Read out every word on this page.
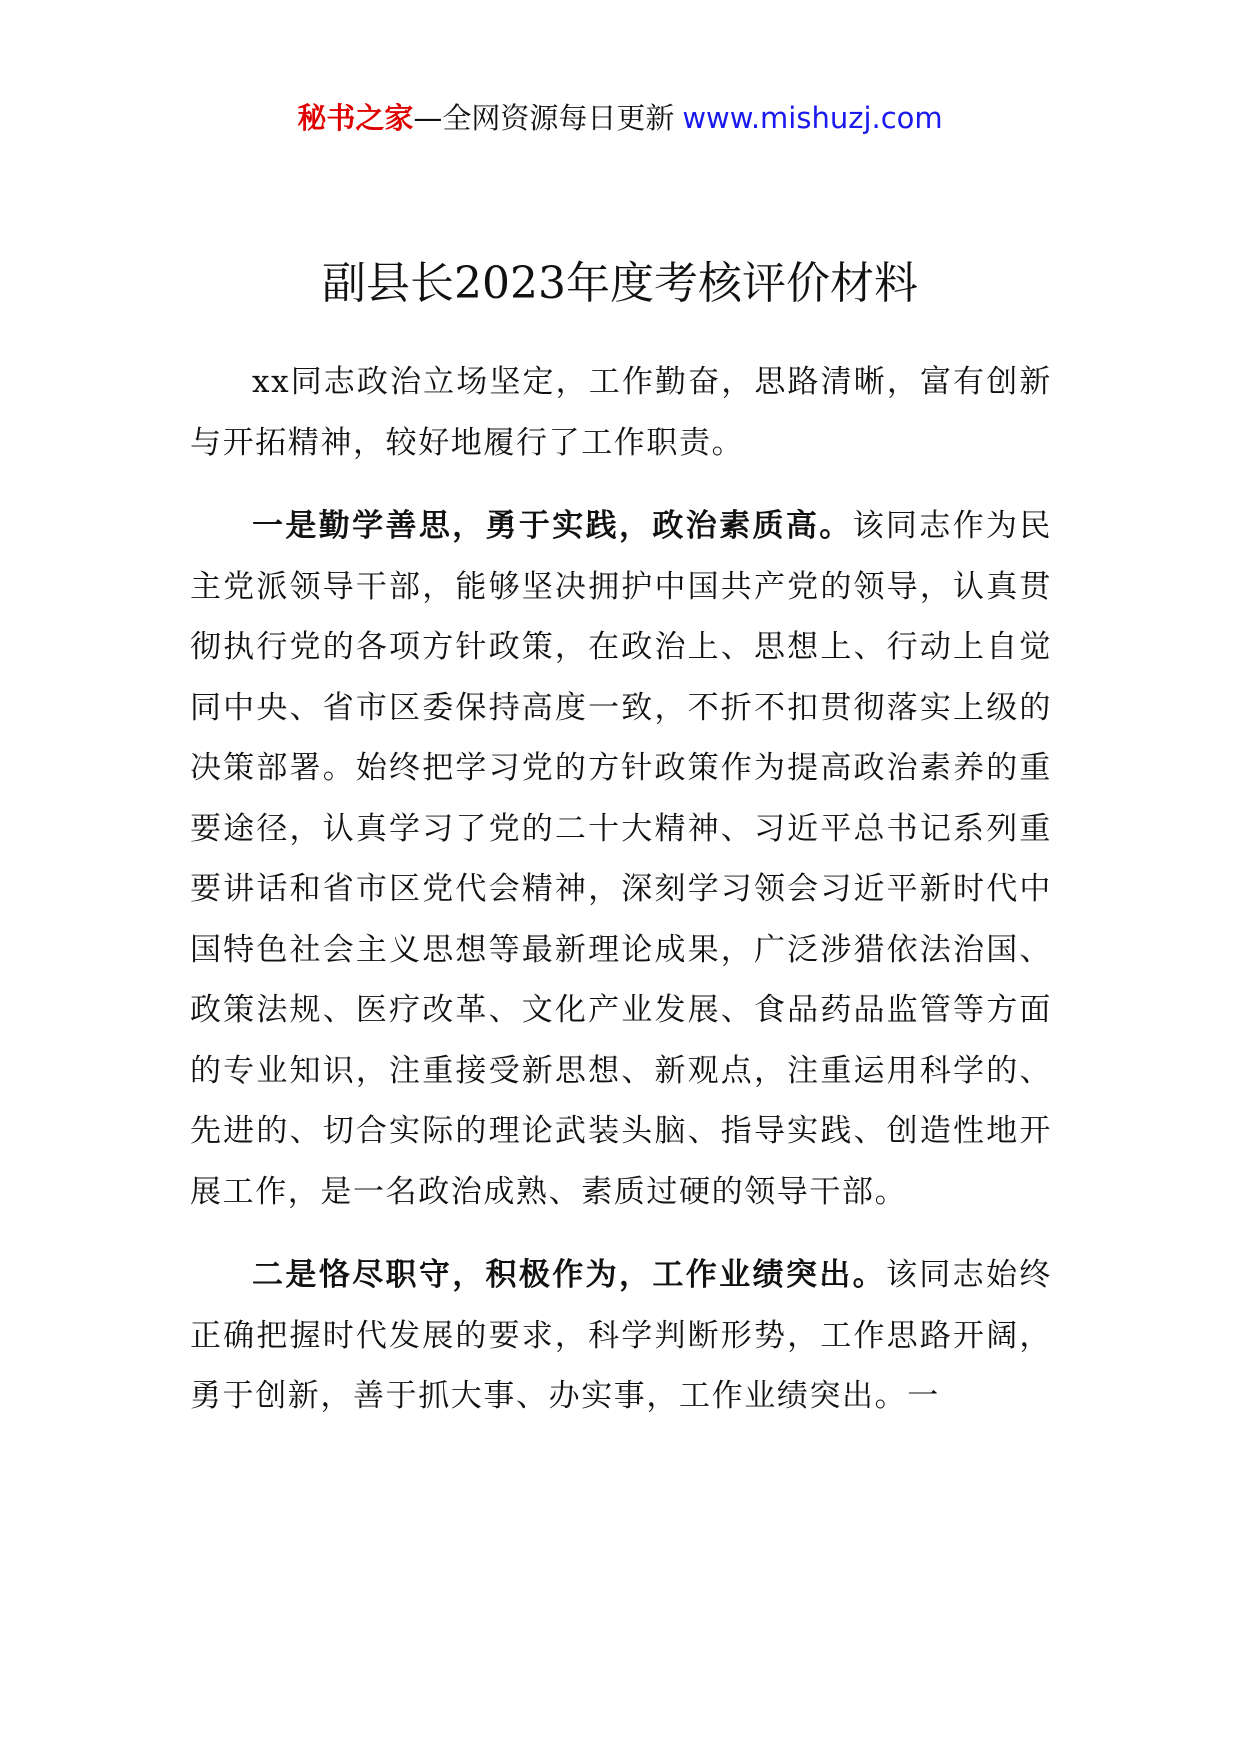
秘书之家—全网资源每日更新 www.mishuzj.com
副县长2023年度考核评价材料

xx同志政治立场坚定，工作勤奋，思路清晰，富有创新与开拓精神，较好地履行了工作职责。

一是勤学善思，勇于实践，政治素质高。该同志作为民主党派领导干部，能够坚决拥护中国共产党的领导，认真贯彻执行党的各项方针政策，在政治上、思想上、行动上自觉同中央、省市区委保持高度一致，不折不扣贯彻落实上级的决策部署。始终把学习党的方针政策作为提高政治素养的重要途径，认真学习了党的二十大精神、习近平总书记系列重要讲话和省市区党代会精神，深刻学习领会习近平新时代中国特色社会主义思想等最新理论成果，广泛涉猎依法治国、政策法规、医疗改革、文化产业发展、食品药品监管等方面的专业知识，注重接受新思想、新观点，注重运用科学的、先进的、切合实际的理论武装头脑、指导实践、创造性地开展工作，是一名政治成熟、素质过硬的领导干部。

二是恪尽职守，积极作为，工作业绩突出。该同志始终正确把握时代发展的要求，科学判断形势，工作思路开阔，勇于创新，善于抓大事、办实事，工作业绩突出。一
